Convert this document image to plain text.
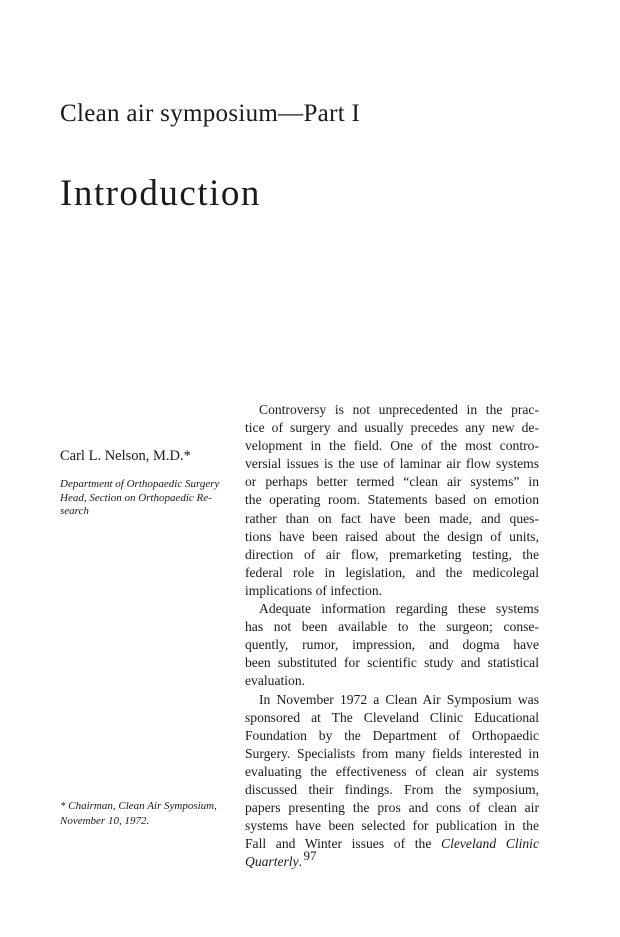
Clean air symposium—Part I
Introduction
Carl L. Nelson, M.D.*
Department of Orthopaedic Surgery
Head, Section on Orthopaedic Re-
search
* Chairman, Clean Air Symposium,
November 10, 1972.
Controversy is not unprecedented in the prac-
tice of surgery and usually precedes any new de-
velopment in the field. One of the most contro-
versial issues is the use of laminar air flow systems
or perhaps better termed “clean air systems” in
the operating room. Statements based on emotion
rather than on fact have been made, and ques-
tions have been raised about the design of units,
direction of air flow, premarketing testing, the
federal role in legislation, and the medicolegal
implications of infection.
Adequate information regarding these systems
has not been available to the surgeon; conse-
quently, rumor, impression, and dogma have
been substituted for scientific study and statistical
evaluation.
In November 1972 a Clean Air Symposium was
sponsored at The Cleveland Clinic Educational
Foundation by the Department of Orthopaedic
Surgery. Specialists from many fields interested in
evaluating the effectiveness of clean air systems
discussed their findings. From the symposium,
papers presenting the pros and cons of clean air
systems have been selected for publication in the
Fall and Winter issues of the Cleveland Clinic
Quarterly. 97
